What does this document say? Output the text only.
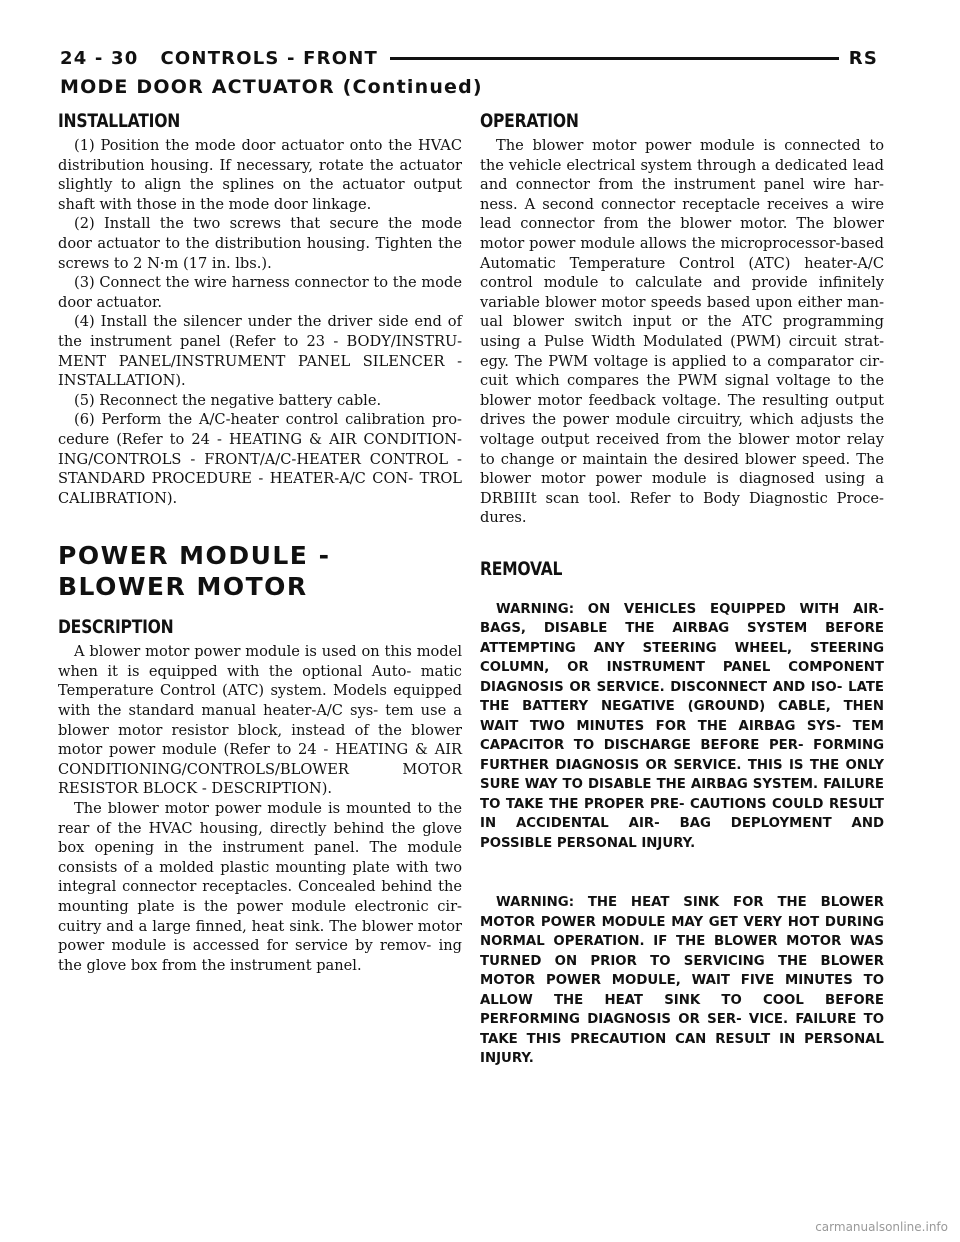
24 - 30 CONTROLS - FRONT	RS
MODE DOOR ACTUATOR (Continued)
INSTALLATION

(1) Position the mode door actuator onto the HVAC distribution housing. If necessary, rotate the actuator slightly to align the splines on the actuator output shaft with those in the mode door linkage.

(2) Install the two screws that secure the mode door actuator to the distribution housing. Tighten the screws to 2 N·m (17 in. lbs.).

(3) Connect the wire harness connector to the mode door actuator.

(4) Install the silencer under the driver side end of the instrument panel (Refer to 23 - BODY/INSTRU- MENT PANEL/INSTRUMENT PANEL SILENCER - INSTALLATION).

(5) Reconnect the negative battery cable.

(6) Perform the A/C-heater control calibration pro- cedure (Refer to 24 - HEATING & AIR CONDITION- ING/CONTROLS - FRONT/A/C-HEATER CONTROL - STANDARD PROCEDURE - HEATER-A/C CON- TROL CALIBRATION).

POWER MODULE - BLOWER MOTOR
DESCRIPTION

A blower motor power module is used on this model when it is equipped with the optional Auto- matic Temperature Control (ATC) system. Models equipped with the standard manual heater-A/C sys- tem use a blower motor resistor block, instead of the blower motor power module (Refer to 24 - HEATING & AIR CONDITIONING/CONTROLS/BLOWER MOTOR RESISTOR BLOCK - DESCRIPTION).

The blower motor power module is mounted to the rear of the HVAC housing, directly behind the glove box opening in the instrument panel. The module consists of a molded plastic mounting plate with two integral connector receptacles. Concealed behind the mounting plate is the power module electronic cir- cuitry and a large finned, heat sink. The blower motor power module is accessed for service by remov- ing the glove box from the instrument panel.

OPERATION

The blower motor power module is connected to the vehicle electrical system through a dedicated lead and connector from the instrument panel wire har- ness. A second connector receptacle receives a wire lead connector from the blower motor. The blower motor power module allows the microprocessor-based Automatic Temperature Control (ATC) heater-A/C control module to calculate and provide infinitely variable blower motor speeds based upon either man- ual blower switch input or the ATC programming using a Pulse Width Modulated (PWM) circuit strat- egy. The PWM voltage is applied to a comparator cir- cuit which compares the PWM signal voltage to the blower motor feedback voltage. The resulting output drives the power module circuitry, which adjusts the voltage output received from the blower motor relay to change or maintain the desired blower speed. The blower motor power module is diagnosed using a DRBIIIt scan tool. Refer to Body Diagnostic Proce- dures.

REMOVAL

WARNING: ON VEHICLES EQUIPPED WITH AIR- BAGS, DISABLE THE AIRBAG SYSTEM BEFORE ATTEMPTING ANY STEERING WHEEL, STEERING COLUMN, OR INSTRUMENT PANEL COMPONENT DIAGNOSIS OR SERVICE. DISCONNECT AND ISO- LATE THE BATTERY NEGATIVE (GROUND) CABLE, THEN WAIT TWO MINUTES FOR THE AIRBAG SYS- TEM CAPACITOR TO DISCHARGE BEFORE PER- FORMING FURTHER DIAGNOSIS OR SERVICE. THIS IS THE ONLY SURE WAY TO DISABLE THE AIRBAG SYSTEM. FAILURE TO TAKE THE PROPER PRE- CAUTIONS COULD RESULT IN ACCIDENTAL AIR- BAG DEPLOYMENT AND POSSIBLE PERSONAL INJURY.

WARNING: THE HEAT SINK FOR THE BLOWER MOTOR POWER MODULE MAY GET VERY HOT DURING NORMAL OPERATION. IF THE BLOWER MOTOR WAS TURNED ON PRIOR TO SERVICING THE BLOWER MOTOR POWER MODULE, WAIT FIVE MINUTES TO ALLOW THE HEAT SINK TO COOL BEFORE PERFORMING DIAGNOSIS OR SER- VICE. FAILURE TO TAKE THIS PRECAUTION CAN RESULT IN PERSONAL INJURY.

carmanualsonline.info
